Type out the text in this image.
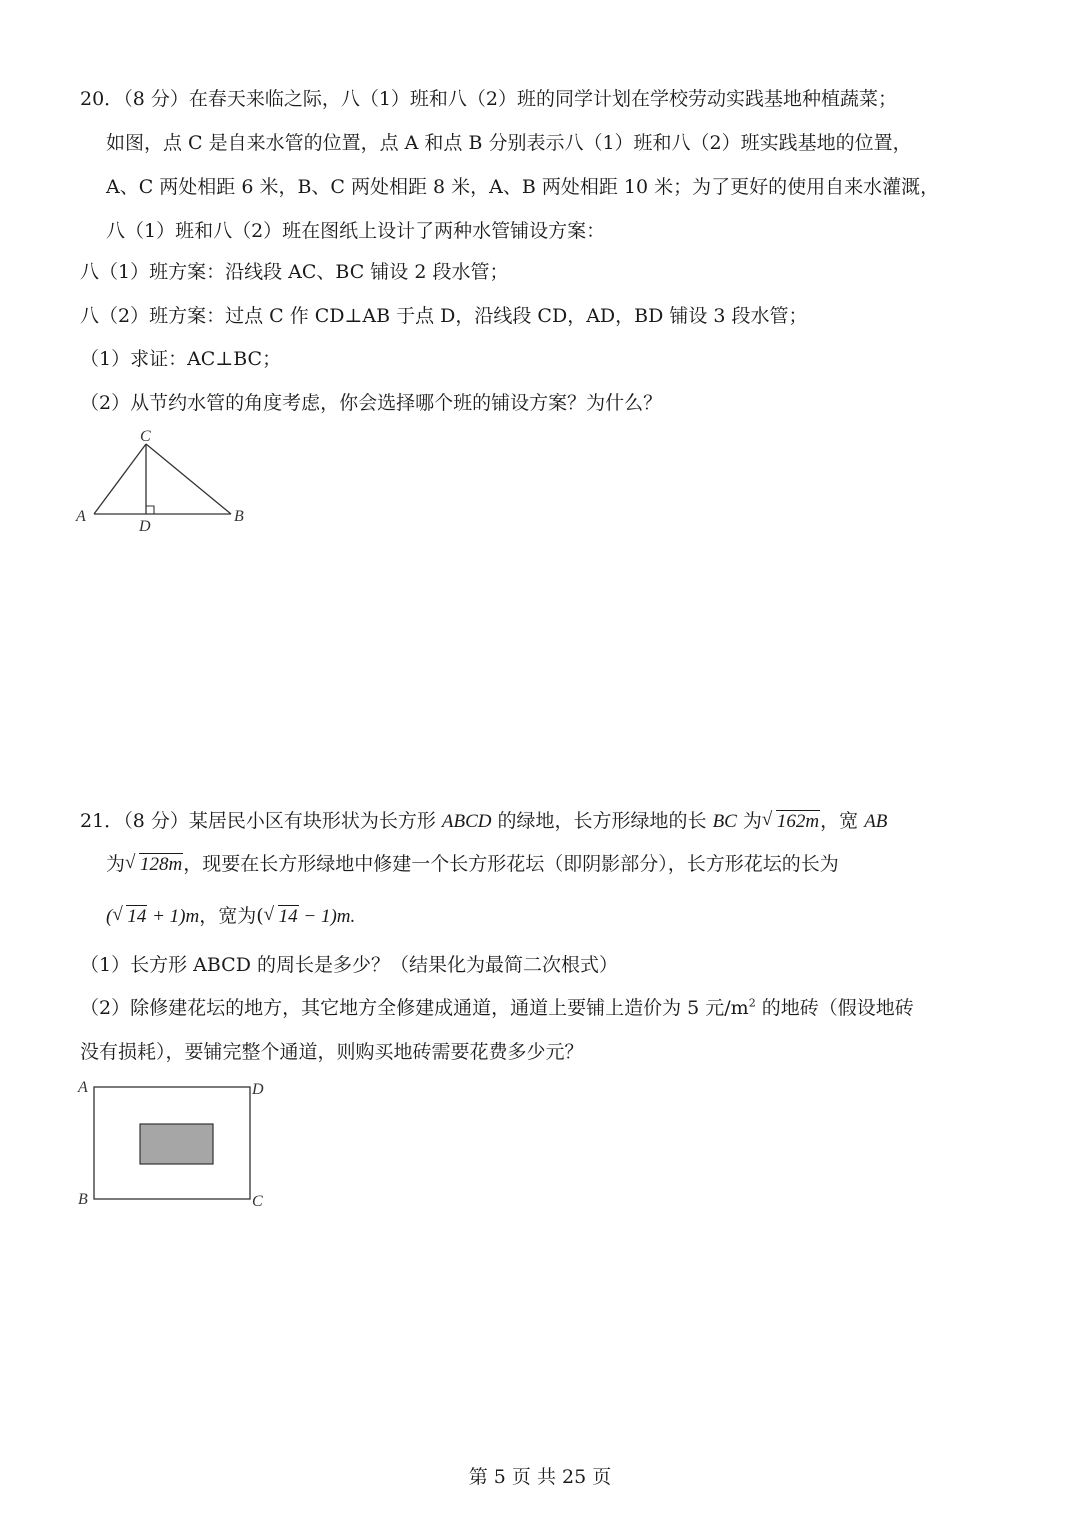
20．（8 分）在春天来临之际，八（1）班和八（2）班的同学计划在学校劳动实践基地种植蔬菜；
如图，点 C 是自来水管的位置，点 A 和点 B 分别表示八（1）班和八（2）班实践基地的位置，
A、C 两处相距 6 米，B、C 两处相距 8 米，A、B 两处相距 10 米；为了更好的使用自来水灌溉，
八（1）班和八（2）班在图纸上设计了两种水管铺设方案：
八（1）班方案：沿线段 AC、BC 铺设 2 段水管；
八（2）班方案：过点 C 作 CD⊥AB 于点 D，沿线段 CD，AD，BD 铺设 3 段水管；
（1）求证：AC⊥BC；
（2）从节约水管的角度考虑，你会选择哪个班的铺设方案？为什么？
C
A	B
D
21．（8 分）某居民小区有块形状为长方形 ABCD 的绿地，长方形绿地的长 BC 为 √ 162m，宽 AB
为 √ 128m，现要在长方形绿地中修建一个长方形花坛（即阴影部分），长方形花坛的长为
( √ 14 + 1)m，宽为( √ 14 − 1)m.
（1）长方形 ABCD 的周长是多少？（结果化为最简二次根式）
（2）除修建花坛的地方，其它地方全修建成通道，通道上要铺上造价为 5 元$/m^2$ 的地砖（假设地砖
没有损耗），要铺完整个通道，则购买地砖需要花费多少元？
A	D
B	C
第 5 页 共 25 页
